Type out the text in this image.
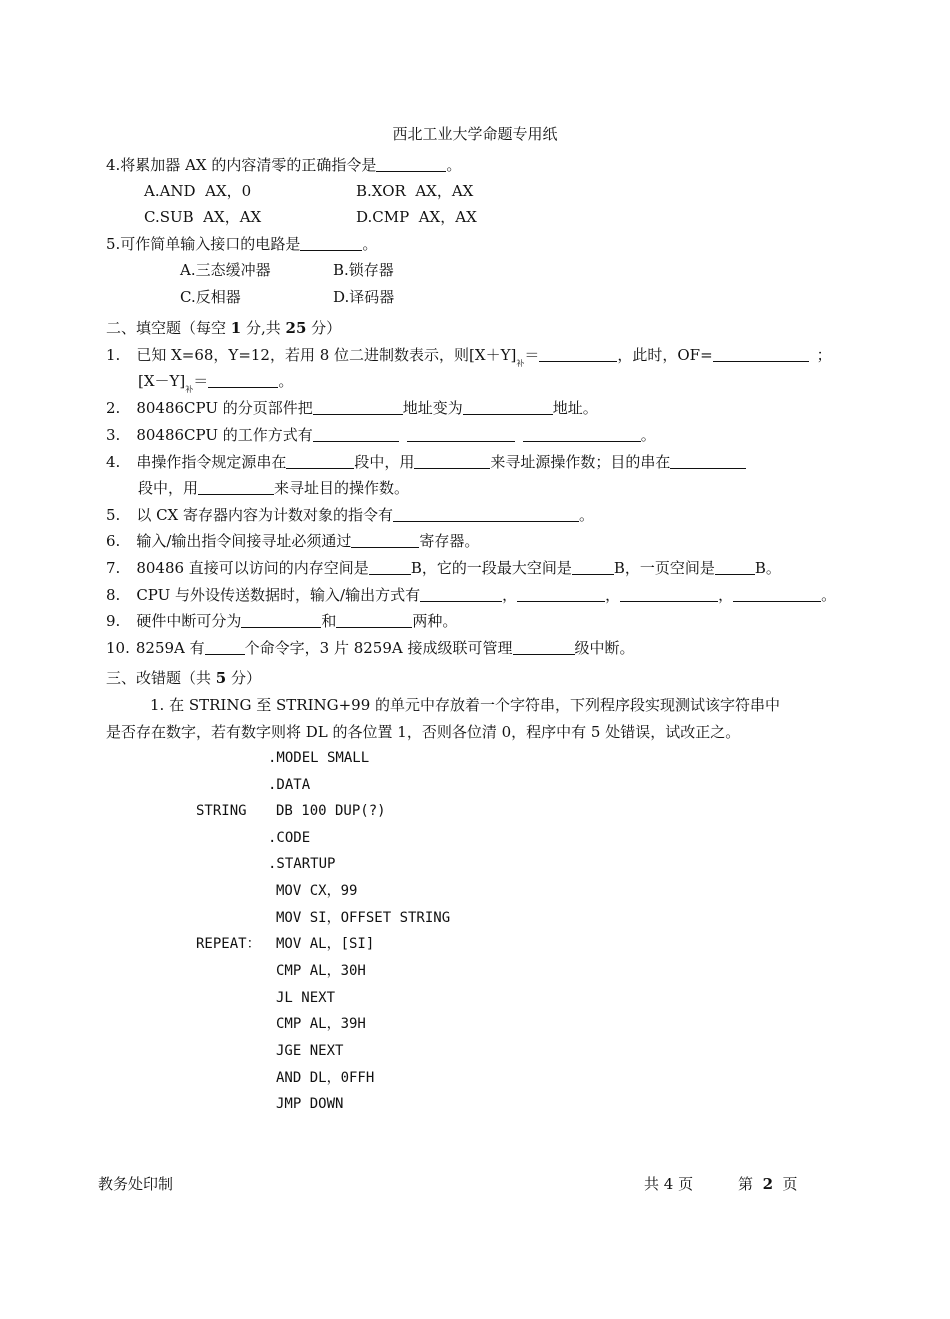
西北工业大学命题专用纸
4.将累加器 AX 的内容清零的正确指令是	。
A.AND  AX，0	B.XOR  AX，AX
C.SUB  AX，AX	D.CMP  AX，AX
5.可作简单输入接口的电路是	。
A.三态缓冲器	B.锁存器
C.反相器	D.译码器
二、填空题（每空 1 分,共 25 分）
1. 已知 X=68，Y=12，若用 8 位二进制数表示，则$[X+Y]_补=$	，此时，OF=	；
$[X-Y]_补=$	。
2. 80486CPU 的分页部件把	地址变为	地址。
3. 80486CPU 的工作方式有	。
4. 串操作指令规定源串在	段中，用	来寻址源操作数；目的串在
段中，用	来寻址目的操作数。
5. 以 CX 寄存器内容为计数对象的指令有	。
6. 输入/输出指令间接寻址必须通过	寄存器。
7. 80486 直接可以访问的内存空间是	B，它的一段最大空间是	B，一页空间是	B。
8. CPU 与外设传送数据时，输入/输出方式有	，	，	，	。
9. 硬件中断可分为	和	两种。
10. 8259A 有	个命令字，3 片 8259A 接成级联可管理	级中断。
三、改错题（共 5 分）
1. 在 STRING 至 STRING+99 的单元中存放着一个字符串，下列程序段实现测试该字符串中
是否存在数字，若有数字则将 DL 的各位置 1，否则各位清 0，程序中有 5 处错误，试改正之。
.MODEL SMALL
.DATA
STRING DB 100 DUP(?)
.CODE
.STARTUP
MOV CX，99
MOV SI，OFFSET STRING
REPEAT： MOV AL，[SI]
CMP AL，30H
JL NEXT
CMP AL，39H
JGE NEXT
AND DL，0FFH
JMP DOWN
教务处印制	共 4 页	第 2 页
